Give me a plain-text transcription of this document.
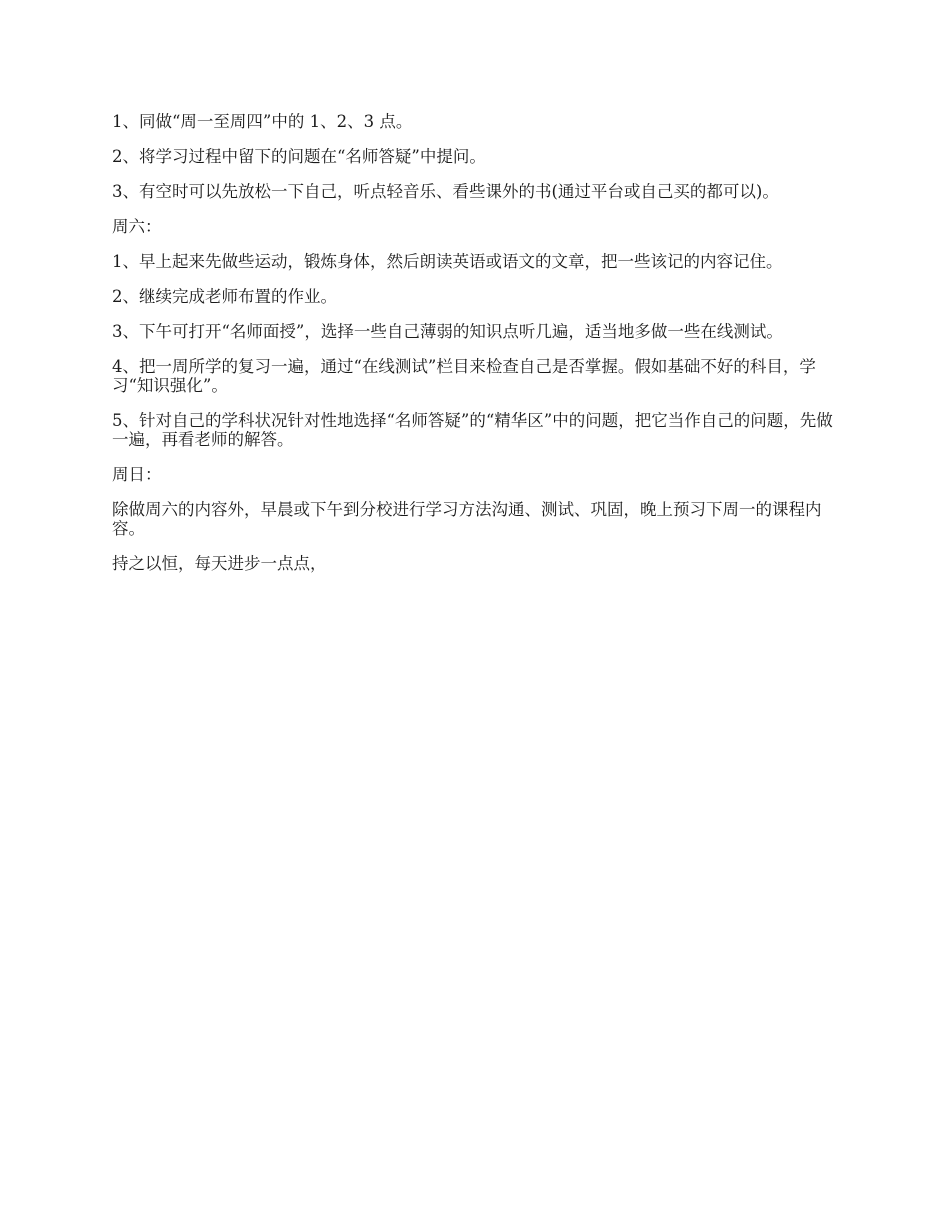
1、同做“周一至周四”中的 1、2、3 点。

2、将学习过程中留下的问题在“名师答疑”中提问。

3、有空时可以先放松一下自己，听点轻音乐、看些课外的书(通过平台或自己买的都可以)。

周六：

1、早上起来先做些运动，锻炼身体，然后朗读英语或语文的文章，把一些该记的内容记住。

2、继续完成老师布置的作业。

3、下午可打开“名师面授”，选择一些自己薄弱的知识点听几遍，适当地多做一些在线测试。

4、把一周所学的复习一遍，通过“在线测试”栏目来检查自己是否掌握。假如基础不好的科目，学习“知识强化”。

5、针对自己的学科状况针对性地选择“名师答疑”的“精华区”中的问题，把它当作自己的问题，先做一遍，再看老师的解答。

周日：

除做周六的内容外，早晨或下午到分校进行学习方法沟通、测试、巩固，晚上预习下周一的课程内容。

持之以恒，每天进步一点点，
